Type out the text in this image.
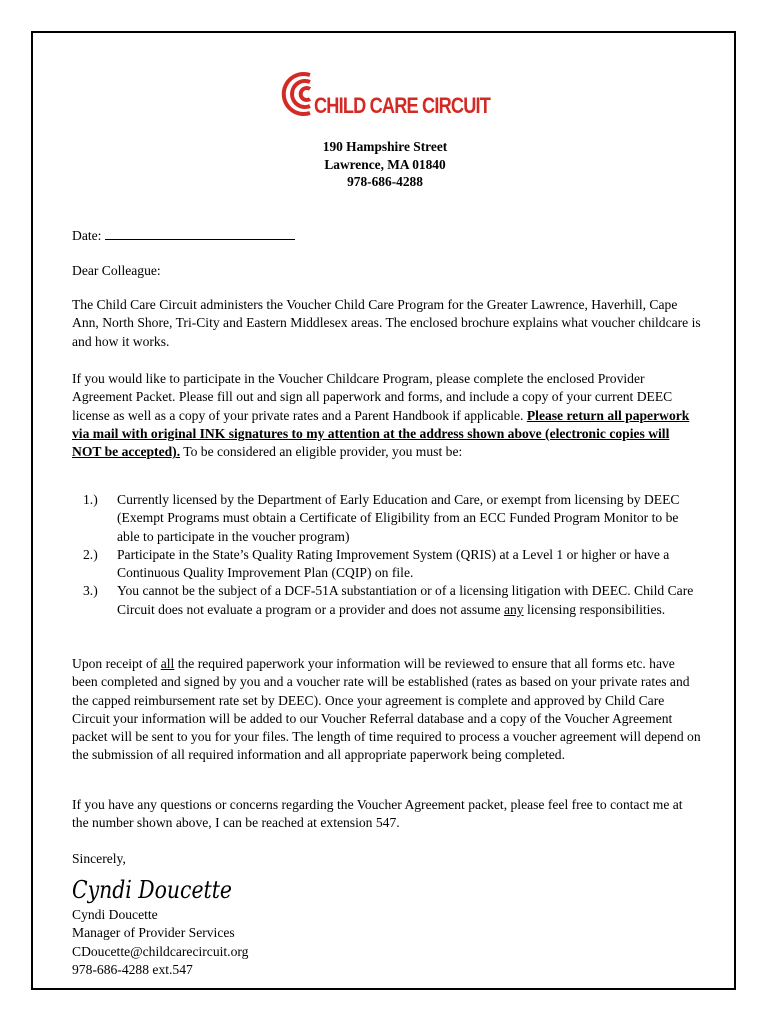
CHILD CARE CIRCUIT
190 Hampshire Street
Lawrence, MA 01840
978-686-4288
Date:
Dear Colleague:

The Child Care Circuit administers the Voucher Child Care Program for the Greater Lawrence, Haverhill, Cape Ann, North Shore, Tri-City and Eastern Middlesex areas. The enclosed brochure explains what voucher childcare is and how it works.

If you would like to participate in the Voucher Childcare Program, please complete the enclosed Provider Agreement Packet. Please fill out and sign all paperwork and forms, and include a copy of your current DEEC license as well as a copy of your private rates and a Parent Handbook if applicable. Please return all paperwork via mail with original INK signatures to my attention at the address shown above (electronic copies will NOT be accepted). To be considered an eligible provider, you must be:

1.) Currently licensed by the Department of Early Education and Care, or exempt from licensing by DEEC (Exempt Programs must obtain a Certificate of Eligibility from an ECC Funded Program Monitor to be able to participate in the voucher program)
2.) Participate in the State’s Quality Rating Improvement System (QRIS) at a Level 1 or higher or have a Continuous Quality Improvement Plan (CQIP) on file.
3.) You cannot be the subject of a DCF-51A substantiation or of a licensing litigation with DEEC. Child Care Circuit does not evaluate a program or a provider and does not assume any licensing responsibilities.

Upon receipt of all the required paperwork your information will be reviewed to ensure that all forms etc. have been completed and signed by you and a voucher rate will be established (rates as based on your private rates and the capped reimbursement rate set by DEEC). Once your agreement is complete and approved by Child Care Circuit your information will be added to our Voucher Referral database and a copy of the Voucher Agreement packet will be sent to you for your files. The length of time required to process a voucher agreement will depend on the submission of all required information and all appropriate paperwork being completed.

If you have any questions or concerns regarding the Voucher Agreement packet, please feel free to contact me at the number shown above, I can be reached at extension 547.

Sincerely,
Cyndi Doucette
Cyndi Doucette
Manager of Provider Services
CDoucette@childcarecircuit.org
978-686-4288 ext.547
